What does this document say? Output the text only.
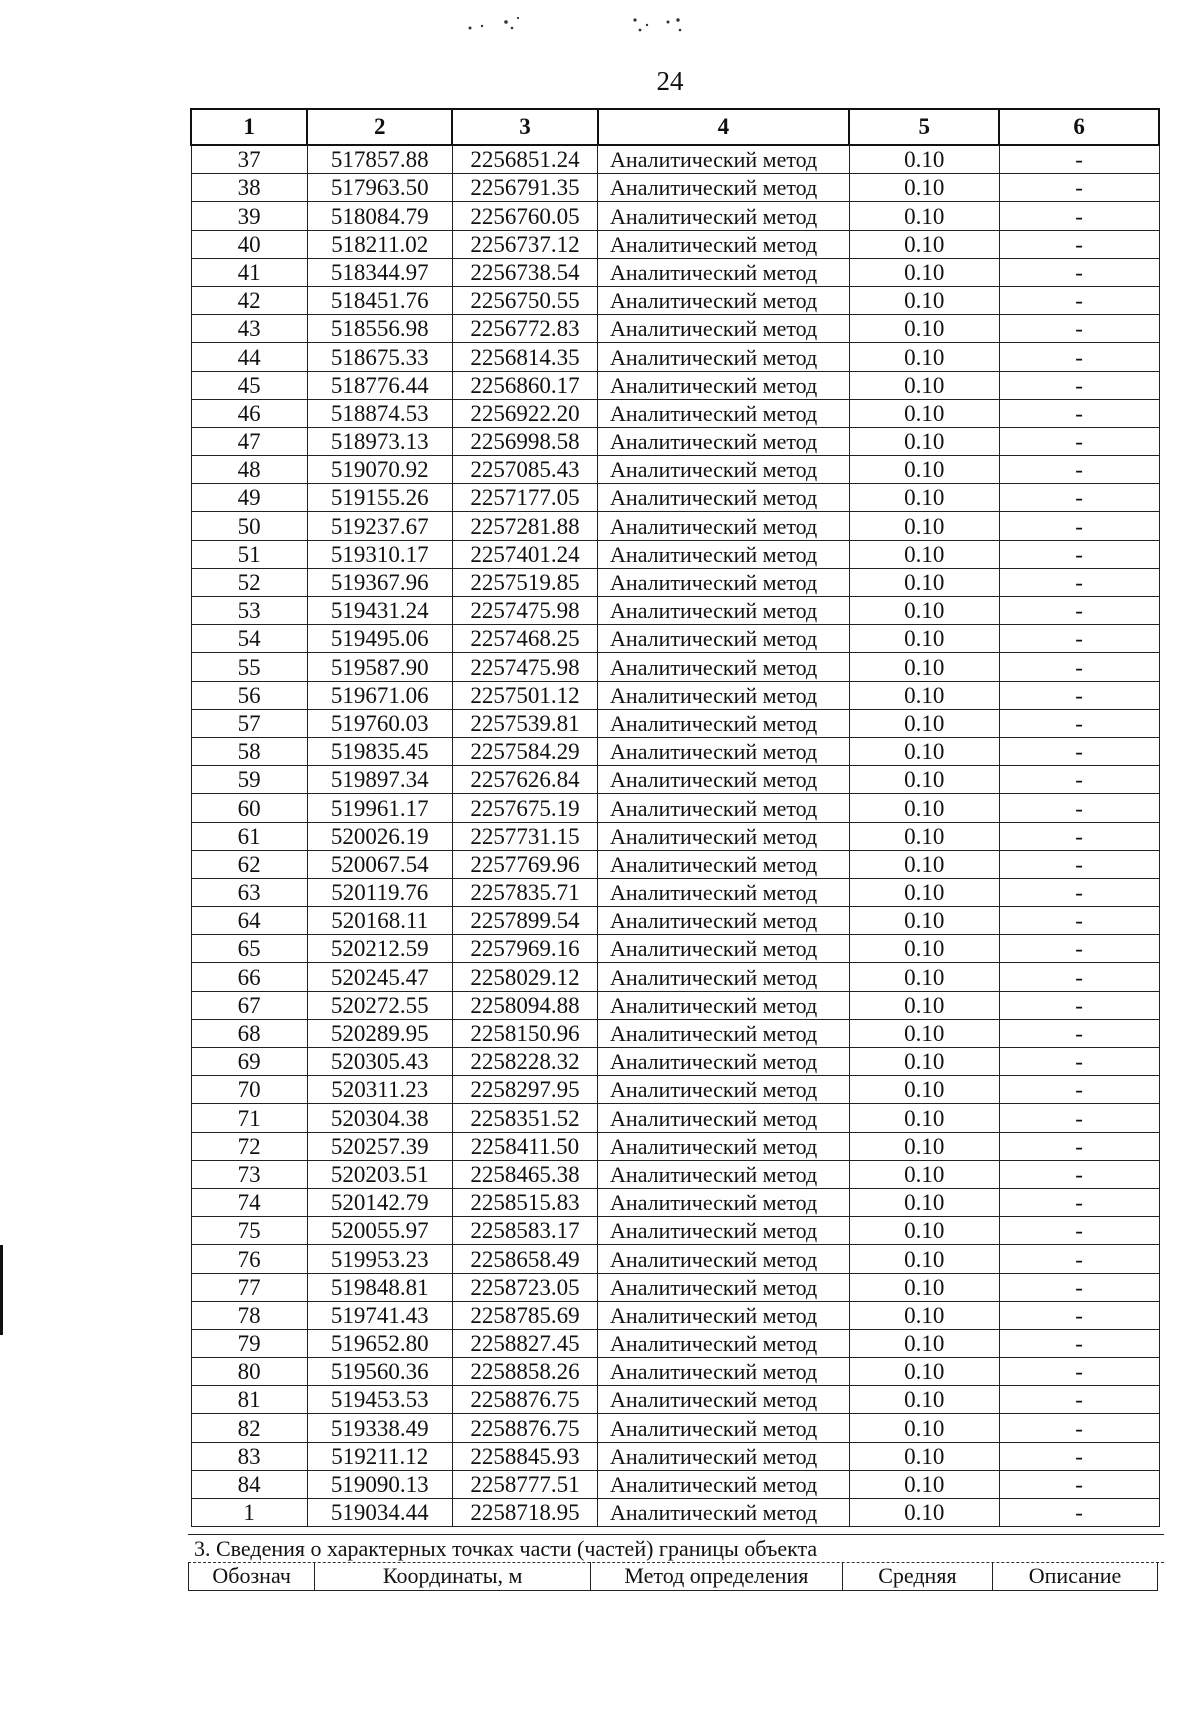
24
1	2	3	4	5	6
37	517857.88	2256851.24	Аналитический метод	0.10	-
38	517963.50	2256791.35	Аналитический метод	0.10	-
39	518084.79	2256760.05	Аналитический метод	0.10	-
40	518211.02	2256737.12	Аналитический метод	0.10	-
41	518344.97	2256738.54	Аналитический метод	0.10	-
42	518451.76	2256750.55	Аналитический метод	0.10	-
43	518556.98	2256772.83	Аналитический метод	0.10	-
44	518675.33	2256814.35	Аналитический метод	0.10	-
45	518776.44	2256860.17	Аналитический метод	0.10	-
46	518874.53	2256922.20	Аналитический метод	0.10	-
47	518973.13	2256998.58	Аналитический метод	0.10	-
48	519070.92	2257085.43	Аналитический метод	0.10	-
49	519155.26	2257177.05	Аналитический метод	0.10	-
50	519237.67	2257281.88	Аналитический метод	0.10	-
51	519310.17	2257401.24	Аналитический метод	0.10	-
52	519367.96	2257519.85	Аналитический метод	0.10	-
53	519431.24	2257475.98	Аналитический метод	0.10	-
54	519495.06	2257468.25	Аналитический метод	0.10	-
55	519587.90	2257475.98	Аналитический метод	0.10	-
56	519671.06	2257501.12	Аналитический метод	0.10	-
57	519760.03	2257539.81	Аналитический метод	0.10	-
58	519835.45	2257584.29	Аналитический метод	0.10	-
59	519897.34	2257626.84	Аналитический метод	0.10	-
60	519961.17	2257675.19	Аналитический метод	0.10	-
61	520026.19	2257731.15	Аналитический метод	0.10	-
62	520067.54	2257769.96	Аналитический метод	0.10	-
63	520119.76	2257835.71	Аналитический метод	0.10	-
64	520168.11	2257899.54	Аналитический метод	0.10	-
65	520212.59	2257969.16	Аналитический метод	0.10	-
66	520245.47	2258029.12	Аналитический метод	0.10	-
67	520272.55	2258094.88	Аналитический метод	0.10	-
68	520289.95	2258150.96	Аналитический метод	0.10	-
69	520305.43	2258228.32	Аналитический метод	0.10	-
70	520311.23	2258297.95	Аналитический метод	0.10	-
71	520304.38	2258351.52	Аналитический метод	0.10	-
72	520257.39	2258411.50	Аналитический метод	0.10	-
73	520203.51	2258465.38	Аналитический метод	0.10	-
74	520142.79	2258515.83	Аналитический метод	0.10	-
75	520055.97	2258583.17	Аналитический метод	0.10	-
76	519953.23	2258658.49	Аналитический метод	0.10	-
77	519848.81	2258723.05	Аналитический метод	0.10	-
78	519741.43	2258785.69	Аналитический метод	0.10	-
79	519652.80	2258827.45	Аналитический метод	0.10	-
80	519560.36	2258858.26	Аналитический метод	0.10	-
81	519453.53	2258876.75	Аналитический метод	0.10	-
82	519338.49	2258876.75	Аналитический метод	0.10	-
83	519211.12	2258845.93	Аналитический метод	0.10	-
84	519090.13	2258777.51	Аналитический метод	0.10	-
1	519034.44	2258718.95	Аналитический метод	0.10	-
3. Сведения о характерных точках части (частей) границы объекта
Обознач	Координаты, м	Метод определения	Средняя	Описание
